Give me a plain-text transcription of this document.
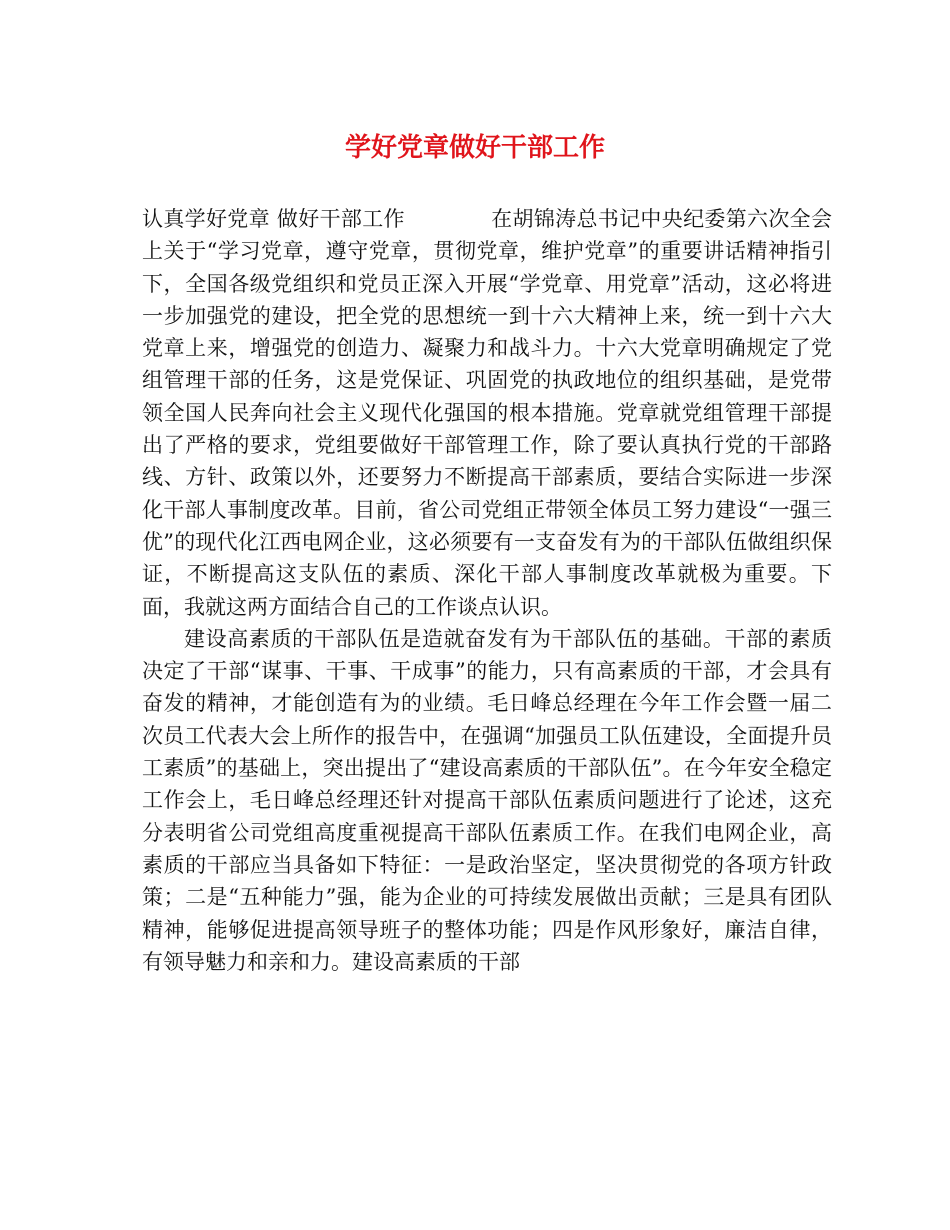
学好党章做好干部工作

认真学好党章 做好干部工作	在胡锦涛总书记中央纪委第六次全会上关于“学习党章，遵守党章，贯彻党章，维护党章”的重要讲话精神指引下，全国各级党组织和党员正深入开展“学党章、用党章”活动，这必将进一步加强党的建设，把全党的思想统一到十六大精神上来，统一到十六大党章上来，增强党的创造力、凝聚力和战斗力。十六大党章明确规定了党组管理干部的任务，这是党保证、巩固党的执政地位的组织基础，是党带领全国人民奔向社会主义现代化强国的根本措施。党章就党组管理干部提出了严格的要求，党组要做好干部管理工作，除了要认真执行党的干部路线、方针、政策以外，还要努力不断提高干部素质，要结合实际进一步深化干部人事制度改革。目前，省公司党组正带领全体员工努力建设“一强三优”的现代化江西电网企业，这必须要有一支奋发有为的干部队伍做组织保证，不断提高这支队伍的素质、深化干部人事制度改革就极为重要。下面，我就这两方面结合自己的工作谈点认识。

建设高素质的干部队伍是造就奋发有为干部队伍的基础。干部的素质决定了干部“谋事、干事、干成事”的能力，只有高素质的干部，才会具有奋发的精神，才能创造有为的业绩。毛日峰总经理在今年工作会暨一届二次员工代表大会上所作的报告中，在强调“加强员工队伍建设，全面提升员工素质”的基础上，突出提出了“建设高素质的干部队伍”。在今年安全稳定工作会上，毛日峰总经理还针对提高干部队伍素质问题进行了论述，这充分表明省公司党组高度重视提高干部队伍素质工作。在我们电网企业，高素质的干部应当具备如下特征：一是政治坚定，坚决贯彻党的各项方针政策；二是“五种能力”强，能为企业的可持续发展做出贡献；三是具有团队精神，能够促进提高领导班子的整体功能；四是作风形象好，廉洁自律，有领导魅力和亲和力。建设高素质的干部
